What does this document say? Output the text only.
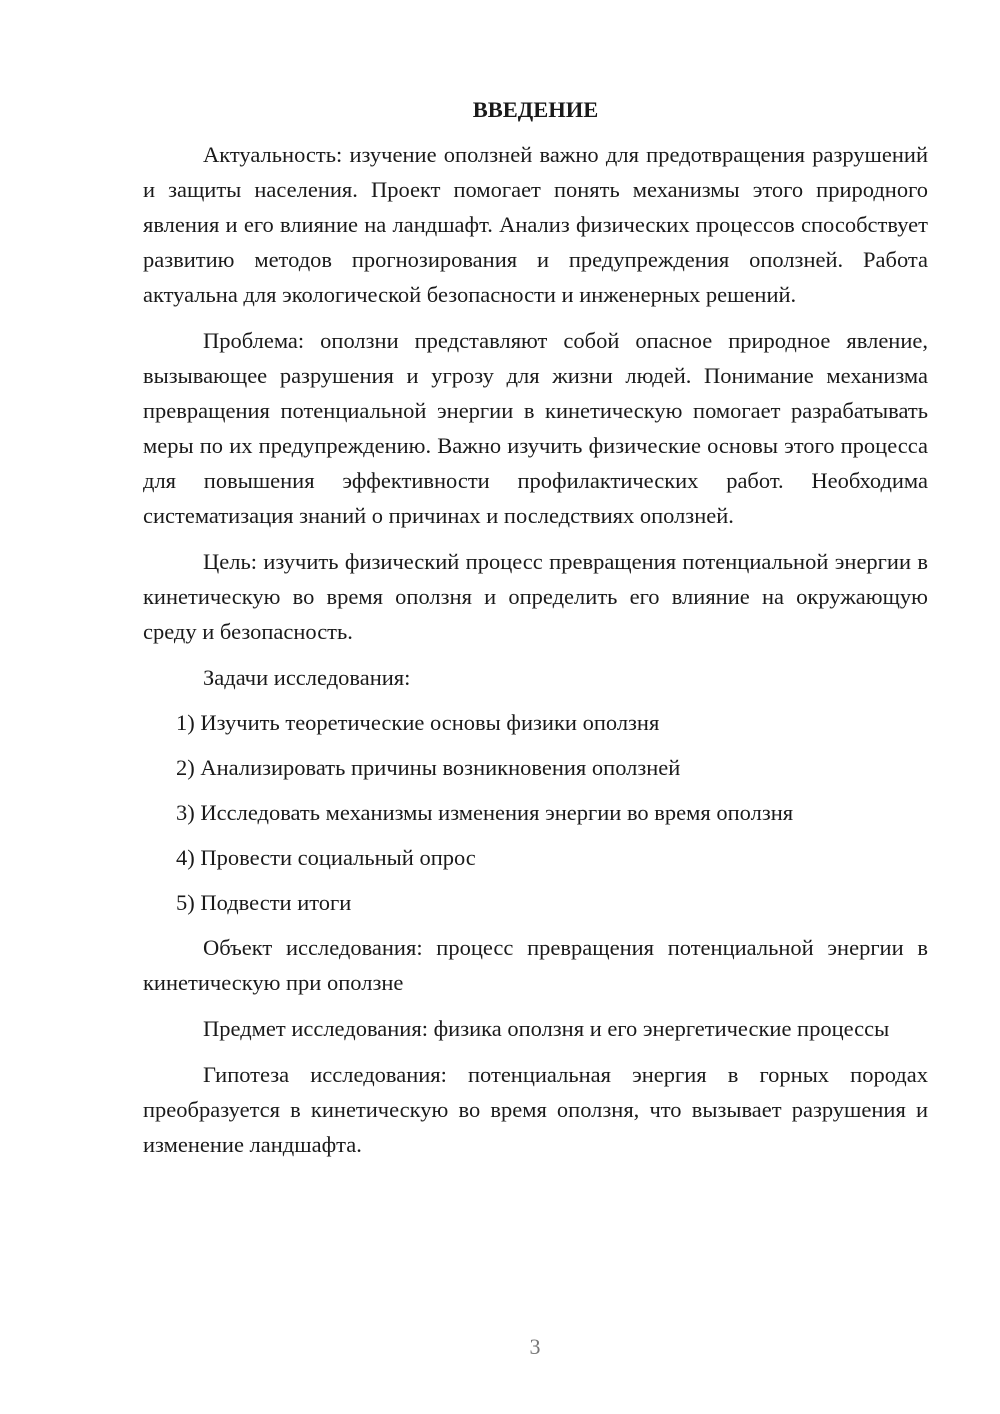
ВВЕДЕНИЕ

Актуальность: изучение оползней важно для предотвращения разрушений и защиты населения. Проект помогает понять механизмы этого природного явления и его влияние на ландшафт. Анализ физических процессов способствует развитию методов прогнозирования и предупреждения оползней. Работа актуальна для экологической безопасности и инженерных решений.

Проблема: оползни представляют собой опасное природное явление, вызывающее разрушения и угрозу для жизни людей. Понимание механизма превращения потенциальной энергии в кинетическую помогает разрабатывать меры по их предупреждению. Важно изучить физические основы этого процесса для повышения эффективности профилактических работ. Необходима систематизация знаний о причинах и последствиях оползней.

Цель: изучить физический процесс превращения потенциальной энергии в кинетическую во время оползня и определить его влияние на окружающую среду и безопасность.

Задачи исследования:

1) Изучить теоретические основы физики оползня

2) Анализировать причины возникновения оползней

3) Исследовать механизмы изменения энергии во время оползня

4) Провести социальный опрос

5) Подвести итоги

Объект исследования: процесс превращения потенциальной энергии в кинетическую при оползне

Предмет исследования: физика оползня и его энергетические процессы

Гипотеза исследования: потенциальная энергия в горных породах преобразуется в кинетическую во время оползня, что вызывает разрушения и изменение ландшафта.

3
